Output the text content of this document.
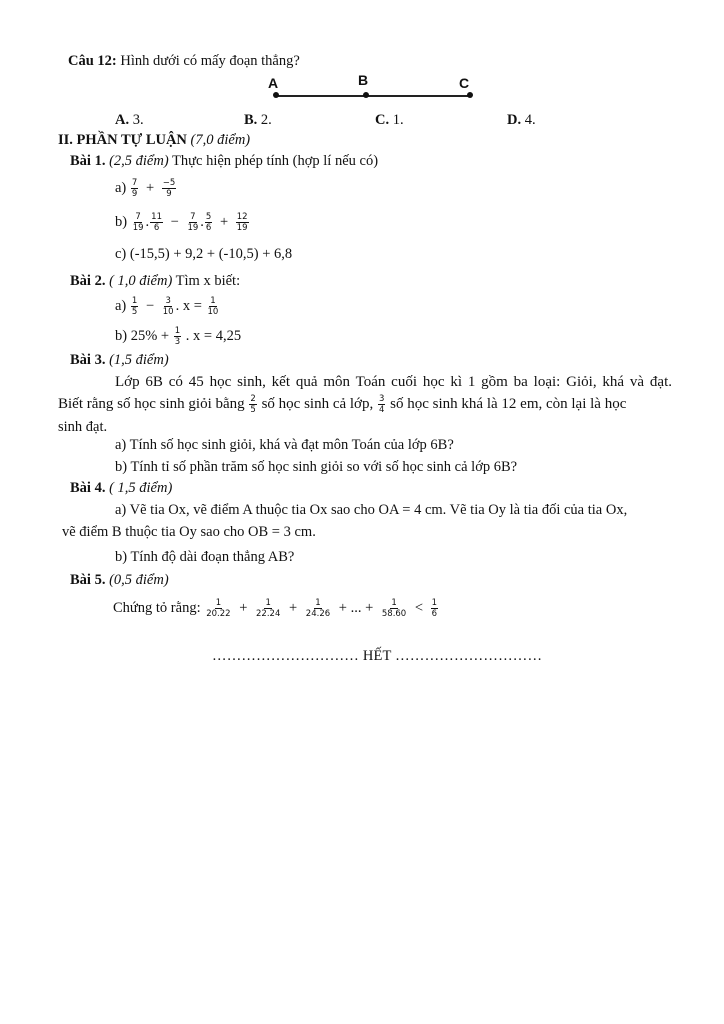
Câu 12: Hình dưới có mấy đoạn thẳng?
A	B	C
A. 3.	B. 2.	C. 1.	D. 4.
II. PHẦN TỰ LUẬN (7,0 điểm)
Bài 1. (2,5 điểm) Thực hiện phép tính (hợp lí nếu có)
$a) \frac{7}{9} + \frac{-5}{9}$
$b) \frac{7}{19}$ . $\frac{11}{6} - \frac{7}{19}$ . $\frac{5}{6} + \frac{12}{19}$
c) (-15,5) + 9,2 + (-10,5) + 6,8
Bài 2. ( 1,0 điểm) Tìm x biết:
$a) \frac{1}{5} - \frac{3}{10}$ . $x = \frac{1}{10}$
b) $25\% + \frac{1}{3}$ . x = 4,25
Bài 3. (1,5 điểm)
Lớp 6B có 45 học sinh, kết quả môn Toán cuối học kì 1 gồm ba loại: Giỏi, khá và đạt.
Biết rằng số học sinh giỏi bằng $\frac{2}{5}$ số học sinh cả lớp, $\frac{3}{4}$ số học sinh khá là 12 em, còn lại là học
sinh đạt.
a) Tính số học sinh giỏi, khá và đạt môn Toán của lớp 6B?
b) Tính tỉ số phần trăm số học sinh giỏi so với số học sinh cả lớp 6B?
Bài 4. ( 1,5 điểm)
a) Vẽ tia Ox, vẽ điểm A thuộc tia Ox sao cho OA = 4 cm. Vẽ tia Oy là tia đối của tia Ox,
vẽ điểm B thuộc tia Oy sao cho OB = 3 cm.
b) Tính độ dài đoạn thẳng AB?
Bài 5. (0,5 điểm)
Chứng tỏ rằng: $\frac{1}{20.22} + \frac{1}{22.24} + \frac{1}{24.26}$ + ... + $\frac{1}{58.60} < \frac{1}{6}$
………………………… HẾT …………………………
